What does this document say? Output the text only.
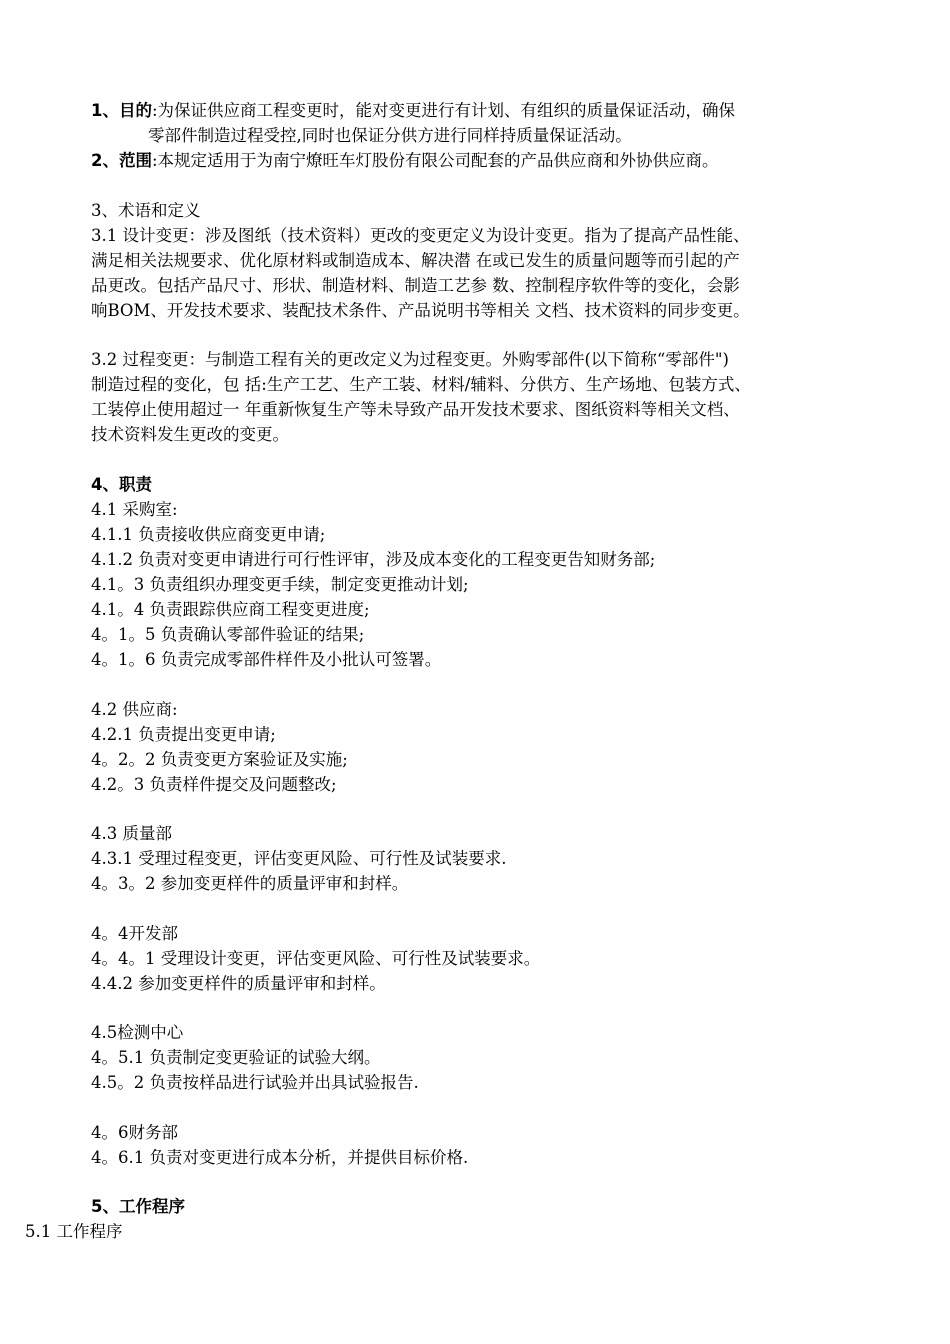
1、目的:为保证供应商工程变更时，能对变更进行有计划、有组织的质量保证活动，确保
零部件制造过程受控,同时也保证分供方进行同样持质量保证活动。
2、范围:本规定适用于为南宁燎旺车灯股份有限公司配套的产品供应商和外协供应商。
3、术语和定义
3.1 设计变更：涉及图纸（技术资料）更改的变更定义为设计变更。指为了提高产品性能、
满足相关法规要求、优化原材料或制造成本、解决潜 在或已发生的质量问题等而引起的产
品更改。包括产品尺寸、形状、制造材料、制造工艺参 数、控制程序软件等的变化，会影
响BOM、开发技术要求、装配技术条件、产品说明书等相关 文档、技术资料的同步变更。
3.2 过程变更：与制造工程有关的更改定义为过程变更。外购零部件(以下简称“零部件")
制造过程的变化，包 括:生产工艺、生产工装、材料/辅料、分供方、生产场地、包装方式、
工装停止使用超过一 年重新恢复生产等未导致产品开发技术要求、图纸资料等相关文档、
技术资料发生更改的变更。
4、职责
4.1 采购室:
4.1.1 负责接收供应商变更申请;
4.1.2 负责对变更申请进行可行性评审，涉及成本变化的工程变更告知财务部;
4.1。3 负责组织办理变更手续，制定变更推动计划;
4.1。4 负责跟踪供应商工程变更进度;
4。1。5 负责确认零部件验证的结果;
4。1。6 负责完成零部件样件及小批认可签署。
4.2 供应商:
4.2.1 负责提出变更申请;
4。2。2 负责变更方案验证及实施;
4.2。3 负责样件提交及问题整改;
4.3 质量部
4.3.1 受理过程变更，评估变更风险、可行性及试装要求.
4。3。2 参加变更样件的质量评审和封样。
4。4开发部
4。4。1 受理设计变更，评估变更风险、可行性及试装要求。
4.4.2 参加变更样件的质量评审和封样。
4.5检测中心
4。5.1 负责制定变更验证的试验大纲。
4.5。2 负责按样品进行试验并出具试验报告.
4。6财务部
4。6.1 负责对变更进行成本分析，并提供目标价格.
5、工作程序
5.1 工作程序
